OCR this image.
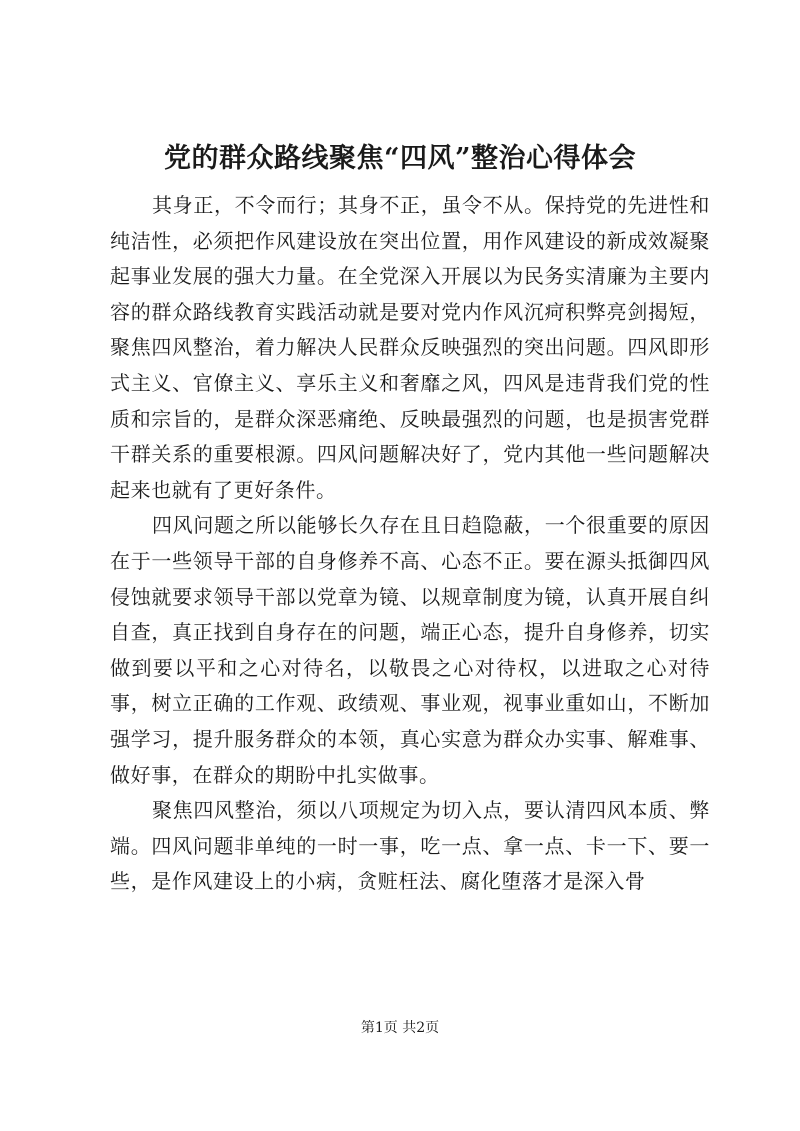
党的群众路线聚焦“四风”整治心得体会

其身正，不令而行；其身不正，虽令不从。保持党的先进性和纯洁性，必须把作风建设放在突出位置，用作风建设的新成效凝聚起事业发展的强大力量。在全党深入开展以为民务实清廉为主要内容的群众路线教育实践活动就是要对党内作风沉疴积弊亮剑揭短，聚焦四风整治，着力解决人民群众反映强烈的突出问题。四风即形式主义、官僚主义、享乐主义和奢靡之风，四风是违背我们党的性质和宗旨的，是群众深恶痛绝、反映最强烈的问题，也是损害党群干群关系的重要根源。四风问题解决好了，党内其他一些问题解决起来也就有了更好条件。

四风问题之所以能够长久存在且日趋隐蔽，一个很重要的原因在于一些领导干部的自身修养不高、心态不正。要在源头抵御四风侵蚀就要求领导干部以党章为镜、以规章制度为镜，认真开展自纠自查，真正找到自身存在的问题，端正心态，提升自身修养，切实做到要以平和之心对待名，以敬畏之心对待权，以进取之心对待事，树立正确的工作观、政绩观、事业观，视事业重如山，不断加强学习，提升服务群众的本领，真心实意为群众办实事、解难事、做好事，在群众的期盼中扎实做事。

聚焦四风整治，须以八项规定为切入点，要认清四风本质、弊端。四风问题非单纯的一时一事，吃一点、拿一点、卡一下、要一些，是作风建设上的小病，贪赃枉法、腐化堕落才是深入骨

第1页 共2页
